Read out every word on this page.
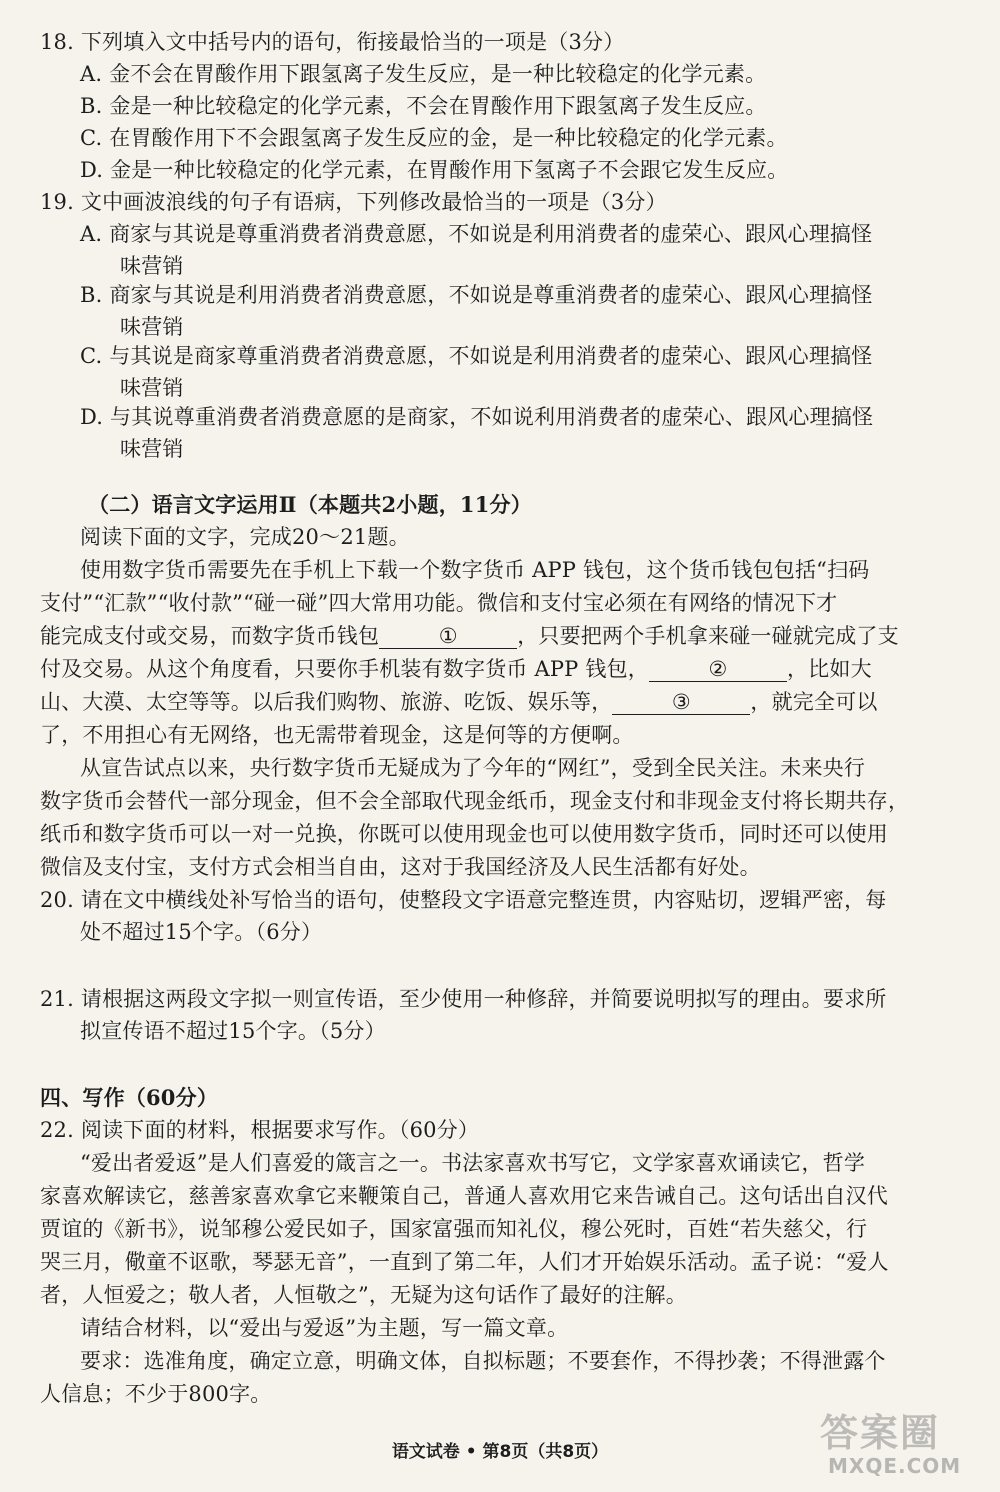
18. 下列填入文中括号内的语句，衔接最恰当的一项是（3分）
A. 金不会在胃酸作用下跟氢离子发生反应，是一种比较稳定的化学元素。
B. 金是一种比较稳定的化学元素，不会在胃酸作用下跟氢离子发生反应。
C. 在胃酸作用下不会跟氢离子发生反应的金，是一种比较稳定的化学元素。
D. 金是一种比较稳定的化学元素，在胃酸作用下氢离子不会跟它发生反应。
19. 文中画波浪线的句子有语病，下列修改最恰当的一项是（3分）
A. 商家与其说是尊重消费者消费意愿，不如说是利用消费者的虚荣心、跟风心理搞怪
味营销
B. 商家与其说是利用消费者消费意愿，不如说是尊重消费者的虚荣心、跟风心理搞怪
味营销
C. 与其说是商家尊重消费者消费意愿，不如说是利用消费者的虚荣心、跟风心理搞怪
味营销
D. 与其说尊重消费者消费意愿的是商家，不如说利用消费者的虚荣心、跟风心理搞怪
味营销
（二）语言文字运用Ⅱ（本题共2小题，11分）
阅读下面的文字，完成20～21题。
使用数字货币需要先在手机上下载一个数字货币 APP 钱包，这个货币钱包包括“扫码
支付”“汇款”“收付款”“碰一碰”四大常用功能。微信和支付宝必须在有网络的情况下才
能完成支付或交易，而数字货币钱包	①	，只要把两个手机拿来碰一碰就完成了支
付及交易。从这个角度看，只要你手机装有数字货币 APP 钱包，	②	，比如大
山、大漠、太空等等。以后我们购物、旅游、吃饭、娱乐等，	③	，就完全可以
了，不用担心有无网络，也无需带着现金，这是何等的方便啊。
从宣告试点以来，央行数字货币无疑成为了今年的“网红”，受到全民关注。未来央行
数字货币会替代一部分现金，但不会全部取代现金纸币，现金支付和非现金支付将长期共存，
纸币和数字货币可以一对一兑换，你既可以使用现金也可以使用数字货币，同时还可以使用
微信及支付宝，支付方式会相当自由，这对于我国经济及人民生活都有好处。
20. 请在文中横线处补写恰当的语句，使整段文字语意完整连贯，内容贴切，逻辑严密，每
处不超过15个字。（6分）
21. 请根据这两段文字拟一则宣传语，至少使用一种修辞，并简要说明拟写的理由。要求所
拟宣传语不超过15个字。（5分）
四、写作（60分）
22. 阅读下面的材料，根据要求写作。（60分）
“爱出者爱返”是人们喜爱的箴言之一。书法家喜欢书写它，文学家喜欢诵读它，哲学
家喜欢解读它，慈善家喜欢拿它来鞭策自己，普通人喜欢用它来告诫自己。这句话出自汉代
贾谊的《新书》，说邹穆公爱民如子，国家富强而知礼仪，穆公死时，百姓“若失慈父，行
哭三月，儆童不讴歌，琴瑟无音”，一直到了第二年，人们才开始娱乐活动。孟子说：“爱人
者，人恒爱之；敬人者，人恒敬之”，无疑为这句话作了最好的注解。
请结合材料，以“爱出与爱返”为主题，写一篇文章。
要求：选准角度，确定立意，明确文体，自拟标题；不要套作，不得抄袭；不得泄露个
人信息；不少于800字。
语文试卷 • 第8页（共8页）	答案圈
MXQE.COM
